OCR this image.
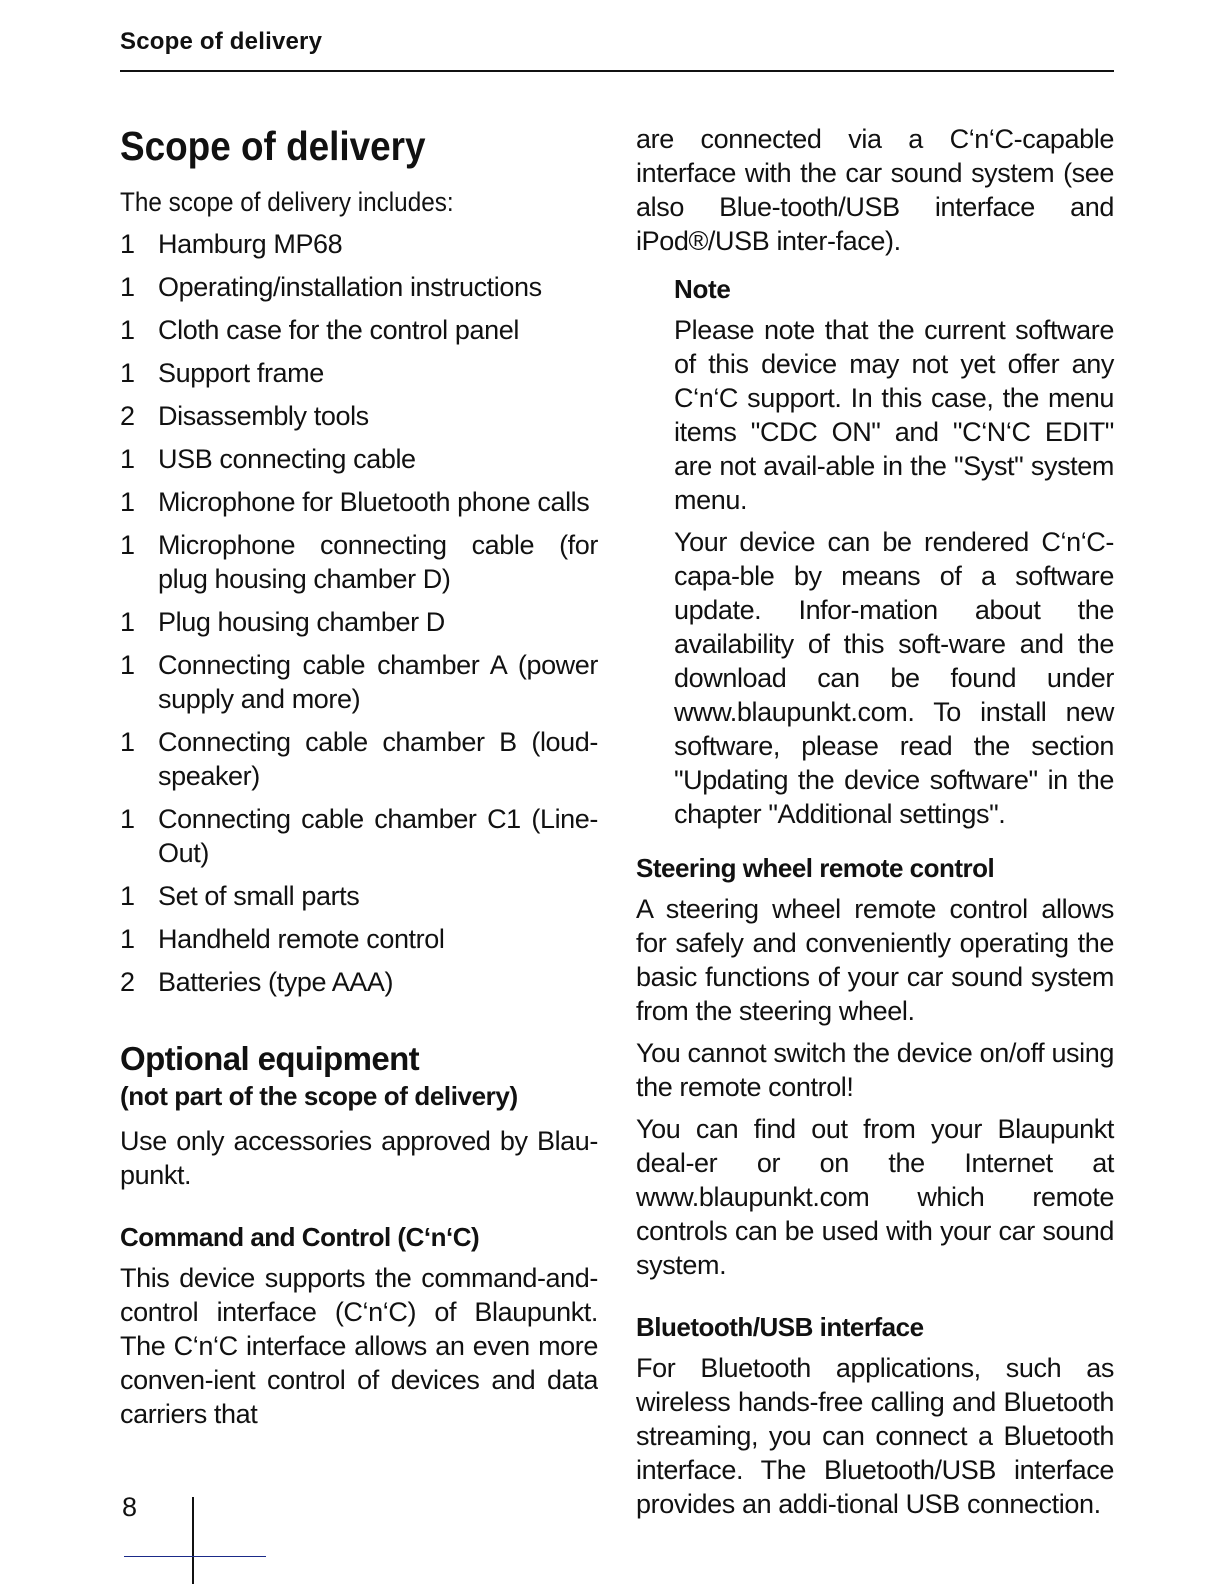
Scope of delivery
Scope of delivery
The scope of delivery includes:
1 Hamburg MP68
1 Operating/installation instructions
1 Cloth case for the control panel
1 Support frame
2 Disassembly tools
1 USB connecting cable
1 Microphone for Bluetooth phone calls
1 Microphone connecting cable (for plug housing chamber D)
1 Plug housing chamber D
1 Connecting cable chamber A (power supply and more)
1 Connecting cable chamber B (loud-speaker)
1 Connecting cable chamber C1 (Line-Out)
1 Set of small parts
1 Handheld remote control
2 Batteries (type AAA)
Optional equipment
(not part of the scope of delivery)

Use only accessories approved by Blau-punkt.

Command and Control (C‘n‘C)

This device supports the command-and-control interface (C‘n‘C) of Blaupunkt. The C‘n‘C interface allows an even more conven-ient control of devices and data carriers that

are connected via a C‘n‘C-capable interface with the car sound system (see also Blue-tooth/USB interface and iPod®/USB inter-face).

Note

Please note that the current software of this device may not yet offer any C‘n‘C support. In this case, the menu items "CDC ON" and "C‘N‘C EDIT" are not avail-able in the "Syst" system menu.

Your device can be rendered C‘n‘C-capa-ble by means of a software update. Infor-mation about the availability of this soft-ware and the download can be found under www.blaupunkt.com. To install new software, please read the section "Updating the device software" in the chapter "Additional settings".

Steering wheel remote control

A steering wheel remote control allows for safely and conveniently operating the basic functions of your car sound system from the steering wheel.

You cannot switch the device on/off using the remote control!

You can find out from your Blaupunkt deal-er or on the Internet at www.blaupunkt.com which remote controls can be used with your car sound system.

Bluetooth/USB interface

For Bluetooth applications, such as wireless hands-free calling and Bluetooth streaming, you can connect a Bluetooth interface. The Bluetooth/USB interface provides an addi-tional USB connection.

8
